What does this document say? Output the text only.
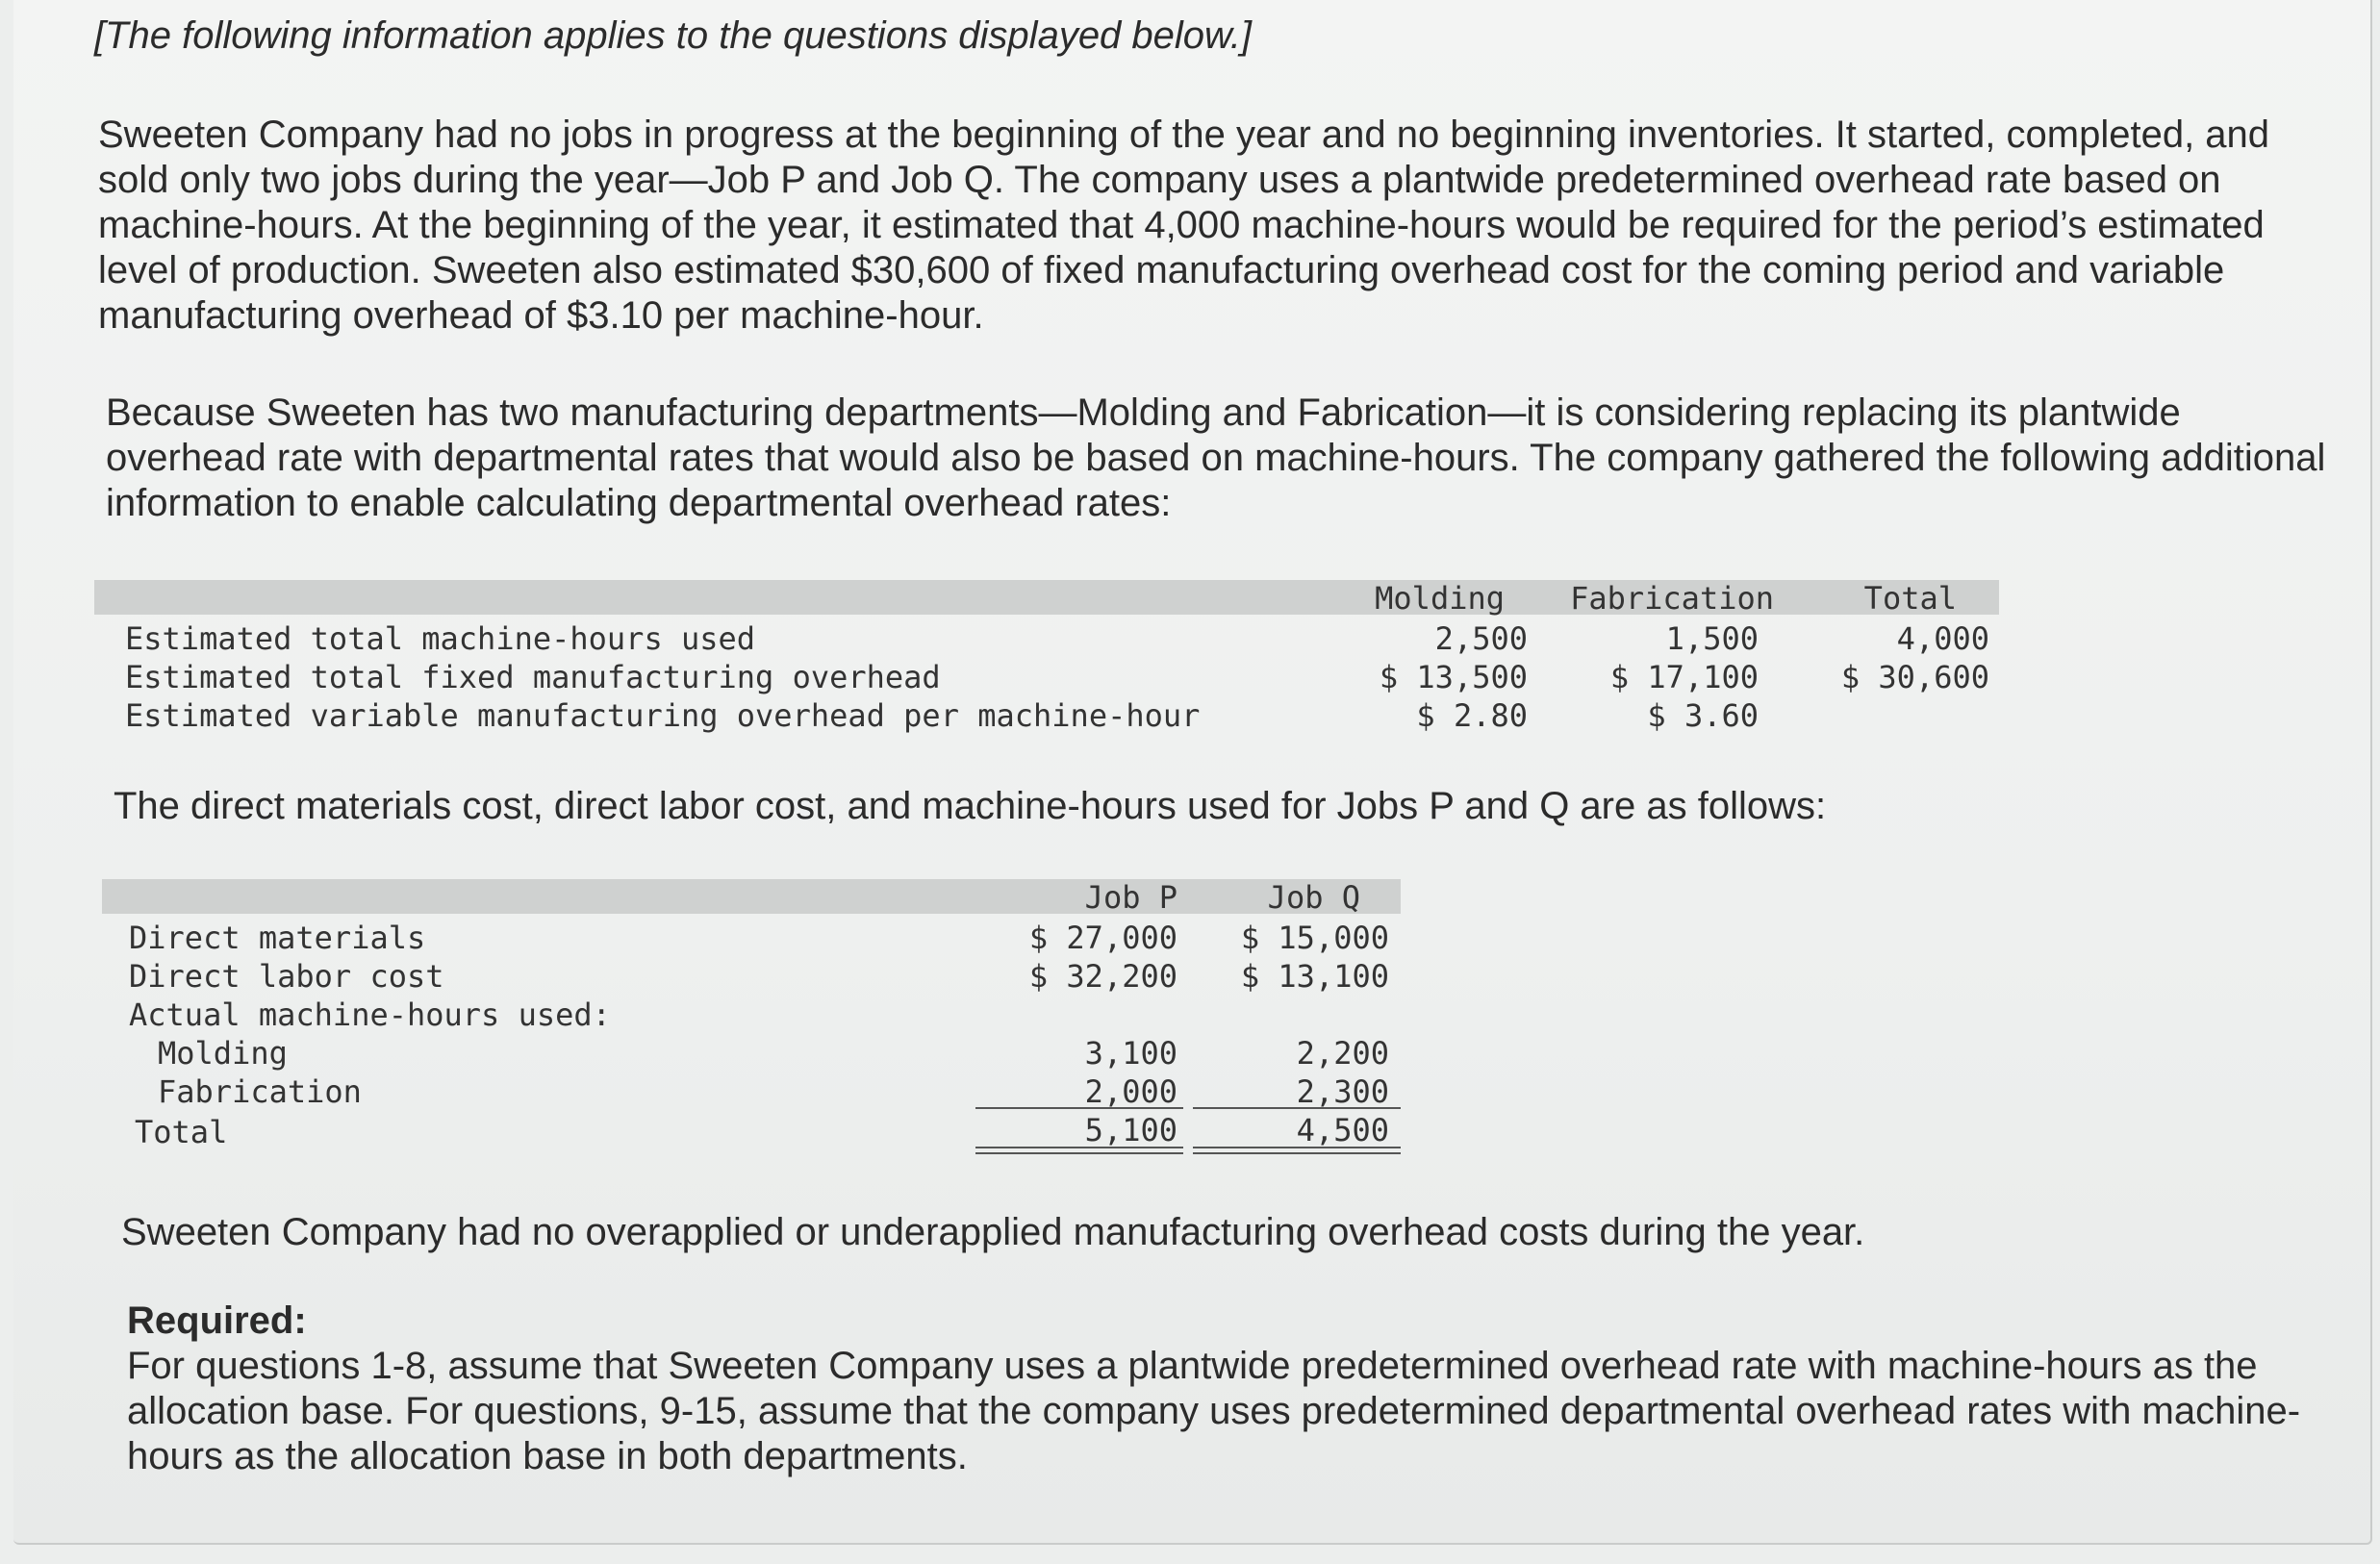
[The following information applies to the questions displayed below.]

Sweeten Company had no jobs in progress at the beginning of the year and no beginning inventories. It started, completed, and sold only two jobs during the year—Job P and Job Q. The company uses a plantwide predetermined overhead rate based on machine-hours. At the beginning of the year, it estimated that 4,000 machine-hours would be required for the period’s estimated level of production. Sweeten also estimated $30,600 of fixed manufacturing overhead cost for the coming period and variable manufacturing overhead of $3.10 per machine-hour.

Because Sweeten has two manufacturing departments—Molding and Fabrication—it is considering replacing its plantwide overhead rate with departmental rates that would also be based on machine-hours. The company gathered the following additional information to enable calculating departmental overhead rates:

Molding	Fabrication	Total
Estimated total machine-hours used	2,500	1,500	4,000
Estimated total fixed manufacturing overhead	$ 13,500	$ 17,100	$ 30,600
Estimated variable manufacturing overhead per machine-hour	$ 2.80	$ 3.60

The direct materials cost, direct labor cost, and machine-hours used for Jobs P and Q are as follows:

Job P	Job Q
Direct materials	$ 27,000	$ 15,000
Direct labor cost	$ 32,200	$ 13,100
Actual machine-hours used:
Molding	3,100	2,200
Fabrication	2,000	2,300
Total	5,100	4,500

Sweeten Company had no overapplied or underapplied manufacturing overhead costs during the year.

Required:
For questions 1-8, assume that Sweeten Company uses a plantwide predetermined overhead rate with machine-hours as the allocation base. For questions, 9-15, assume that the company uses predetermined departmental overhead rates with machine-hours as the allocation base in both departments.
